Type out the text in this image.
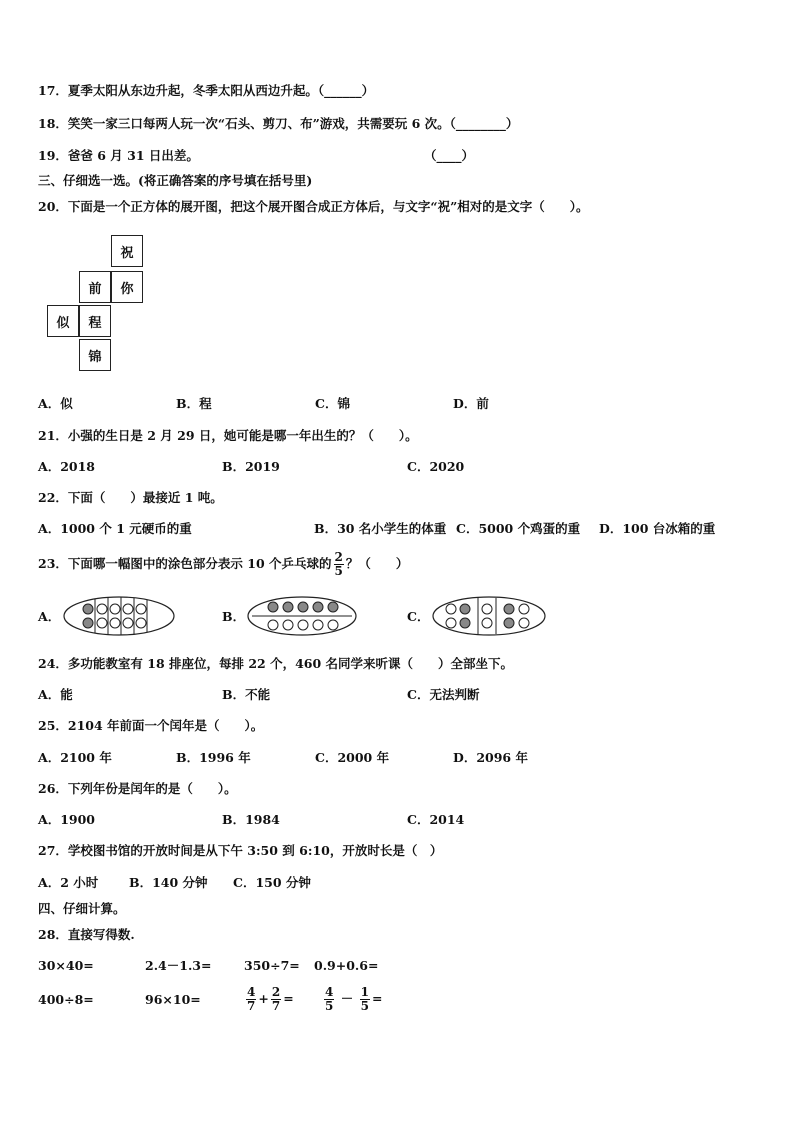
17．夏季太阳从东边升起，冬季太阳从西边升起。（______）
18．笑笑一家三口每两人玩一次“石头、剪刀、布”游戏，共需要玩 6 次。（________）
19．爸爸 6 月 31 日出差。	（____）
三、仔细选一选。(将正确答案的序号填在括号里)
20．下面是一个正方体的展开图，把这个展开图合成正方体后，与文字“祝”相对的是文字（　　）。
祝
前	你
似	程
锦
A．似	B．程	C．锦	D．前
21．小强的生日是 2 月 29 日，她可能是哪一年出生的？（　　）。
A．2018	B．2019	C．2020
22．下面（　　）最接近 1 吨。
A．1000 个 1 元硬币的重	B．30 名小学生的体重 C．5000 个鸡蛋的重 D．100 台冰箱的重
23．下面哪一幅图中的涂色部分表示 10 个乒乓球的 $\frac{2}{5}$ ？（　　）
A．	B．	C．
24．多功能教室有 18 排座位，每排 22 个，460 名同学来听课（　　）全部坐下。
A．能	B．不能	C．无法判断
25．2104 年前面一个闰年是（　　）。
A．2100 年	B．1996 年	C．2000 年	D．2096 年
26．下列年份是闰年的是（　　）。
A．1900	B．1984	C．2014
27．学校图书馆的开放时间是从下午 3:50 到 6:10，开放时长是（　）
A．2 小时 B．140 分钟 C．150 分钟
四、仔细计算。
28．直接写得数.
30×40=	2.4－1.3=	350÷7= 0.9+0.6=
400÷8=	96×10=	$\frac{4}{7} + \frac{2}{7}$ =	$\frac{4}{5} - \frac{1}{5}$ =
